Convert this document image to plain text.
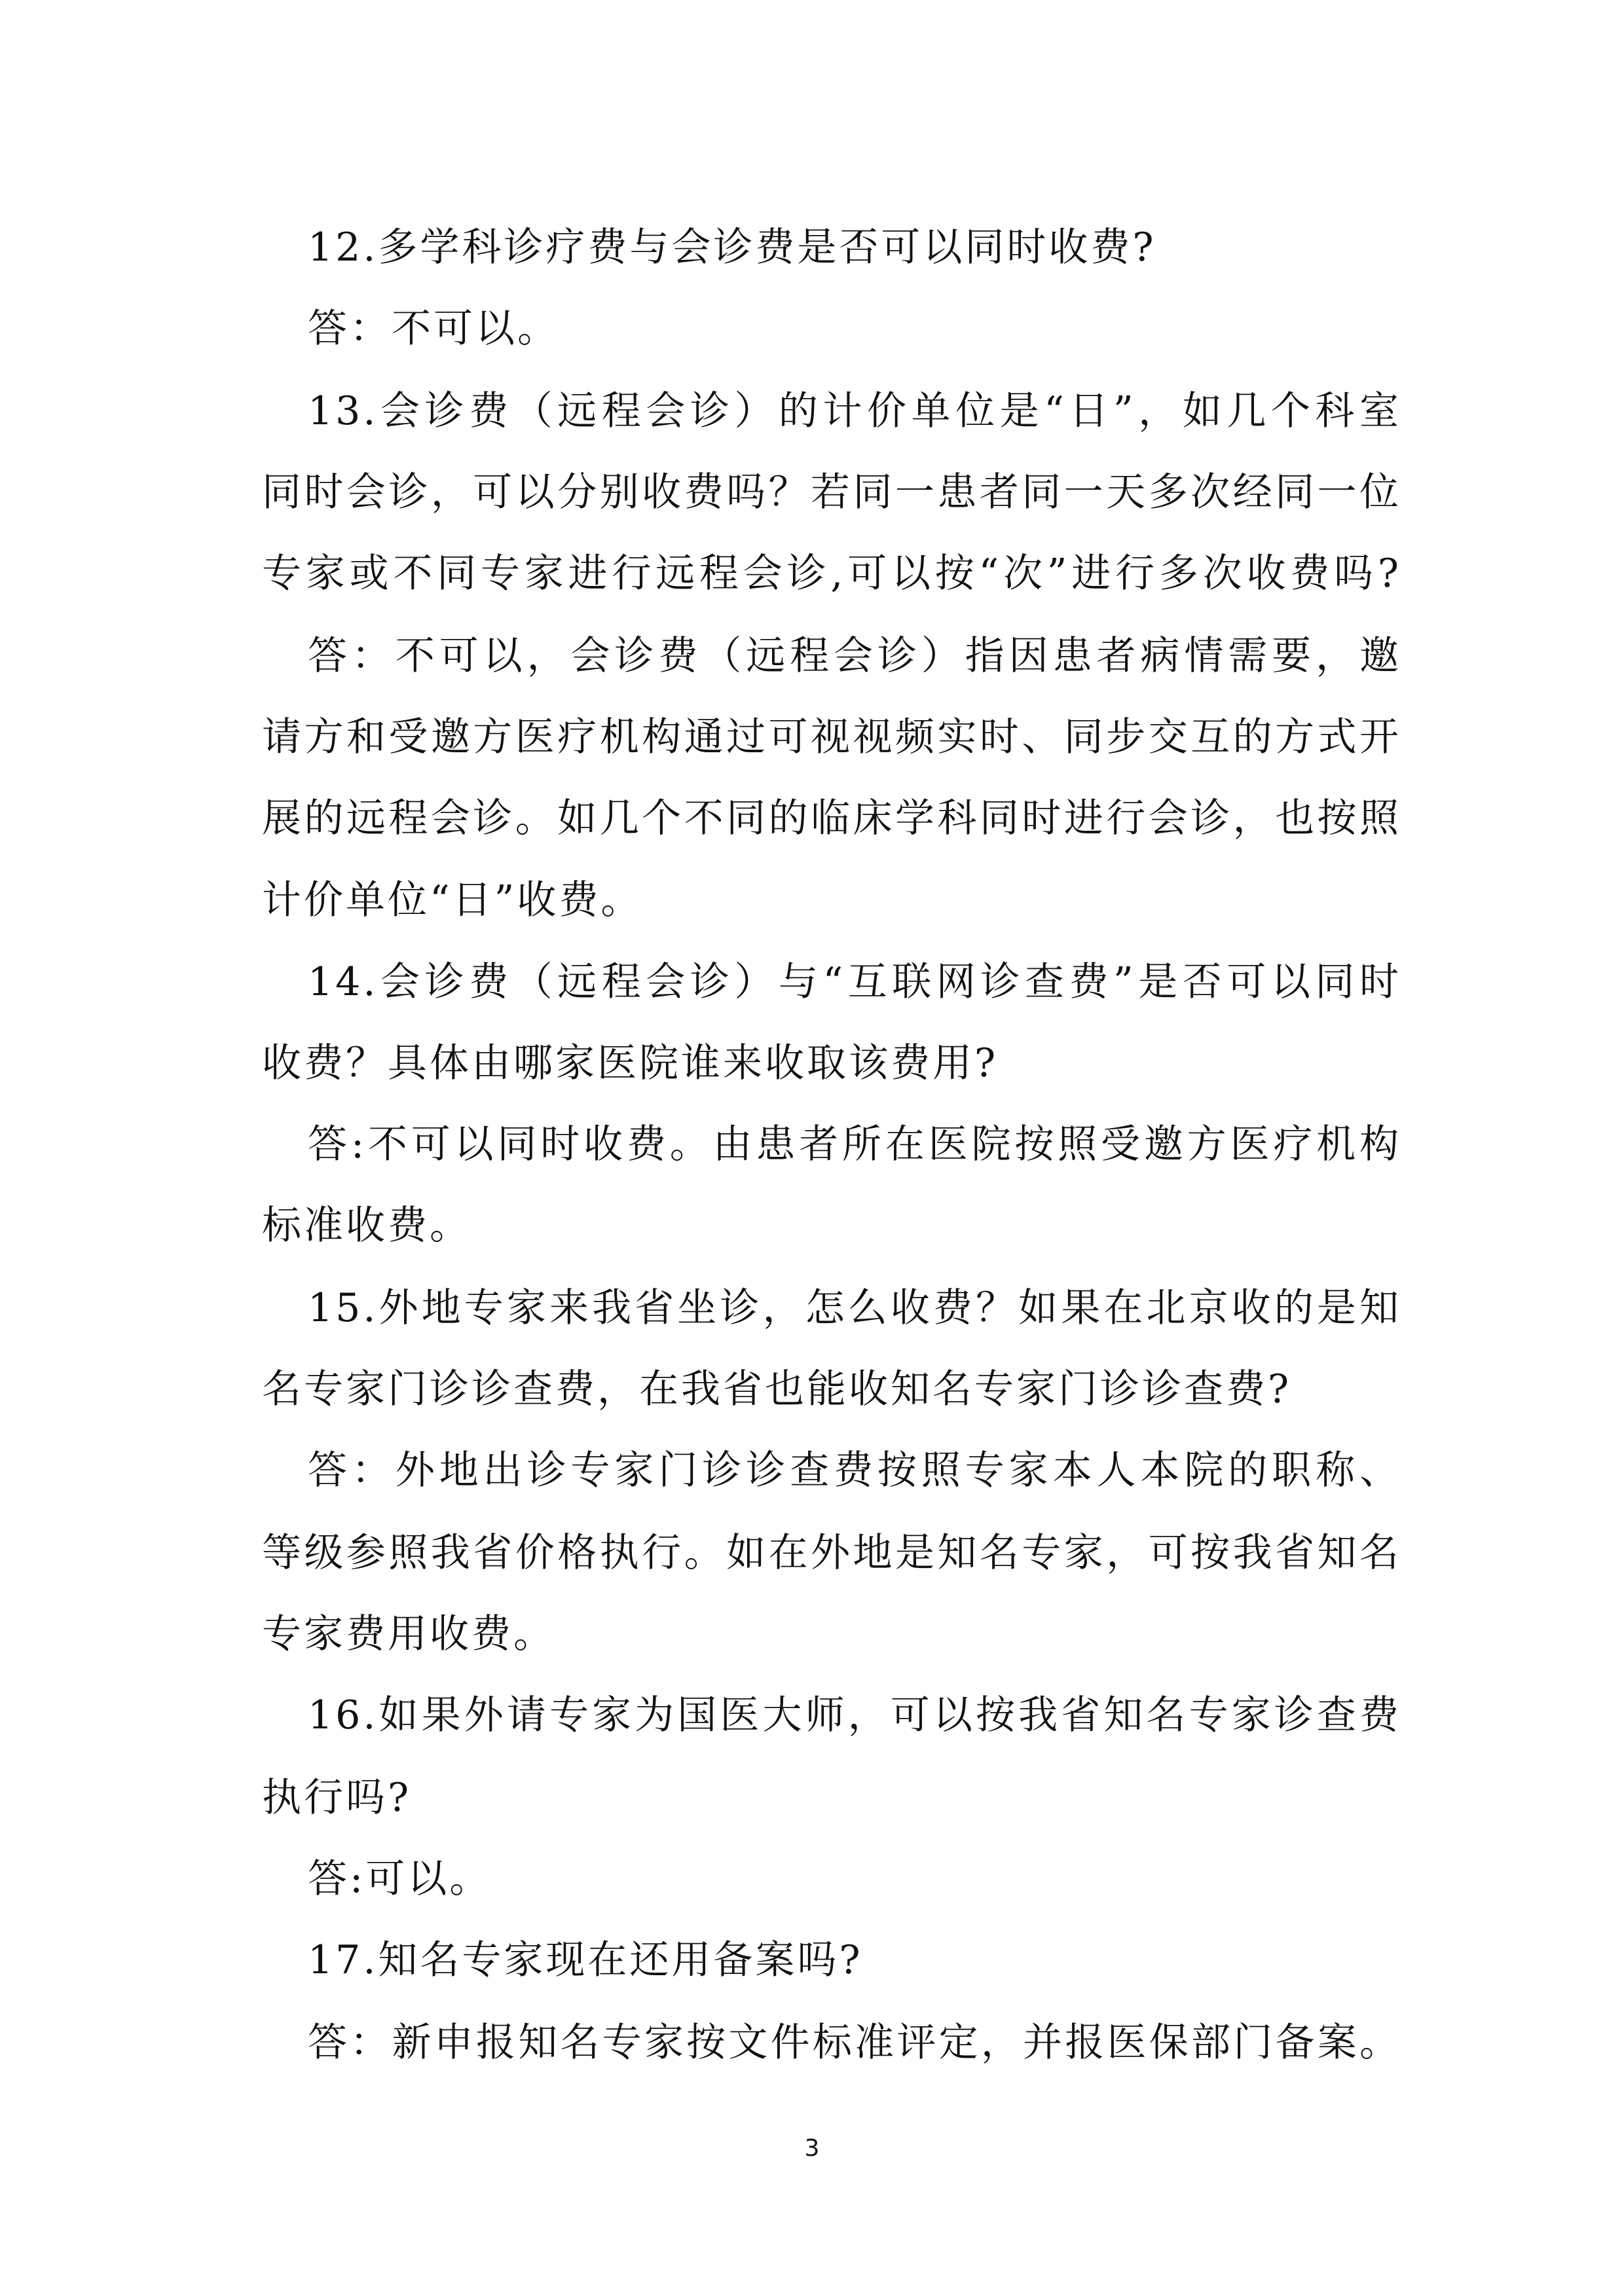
12.多学科诊疗费与会诊费是否可以同时收费?
答：不可以。
13.会诊费（远程会诊）的计价单位是“日”，如几个科室
同时会诊，可以分别收费吗？若同一患者同一天多次经同一位
专家或不同专家进行远程会诊,可以按“次”进行多次收费吗?
答：不可以，会诊费（远程会诊）指因患者病情需要，邀
请方和受邀方医疗机构通过可视视频实时、同步交互的方式开
展的远程会诊。如几个不同的临床学科同时进行会诊，也按照
计价单位“日”收费。
14.会诊费（远程会诊）与“互联网诊查费”是否可以同时
收费？具体由哪家医院谁来收取该费用?
答:不可以同时收费。由患者所在医院按照受邀方医疗机构
标准收费。
15.外地专家来我省坐诊，怎么收费？如果在北京收的是知
名专家门诊诊查费，在我省也能收知名专家门诊诊查费?
答：外地出诊专家门诊诊查费按照专家本人本院的职称、
等级参照我省价格执行。如在外地是知名专家，可按我省知名
专家费用收费。
16.如果外请专家为国医大师，可以按我省知名专家诊查费
执行吗?
答:可以。
17.知名专家现在还用备案吗?
答：新申报知名专家按文件标准评定，并报医保部门备案。
3
